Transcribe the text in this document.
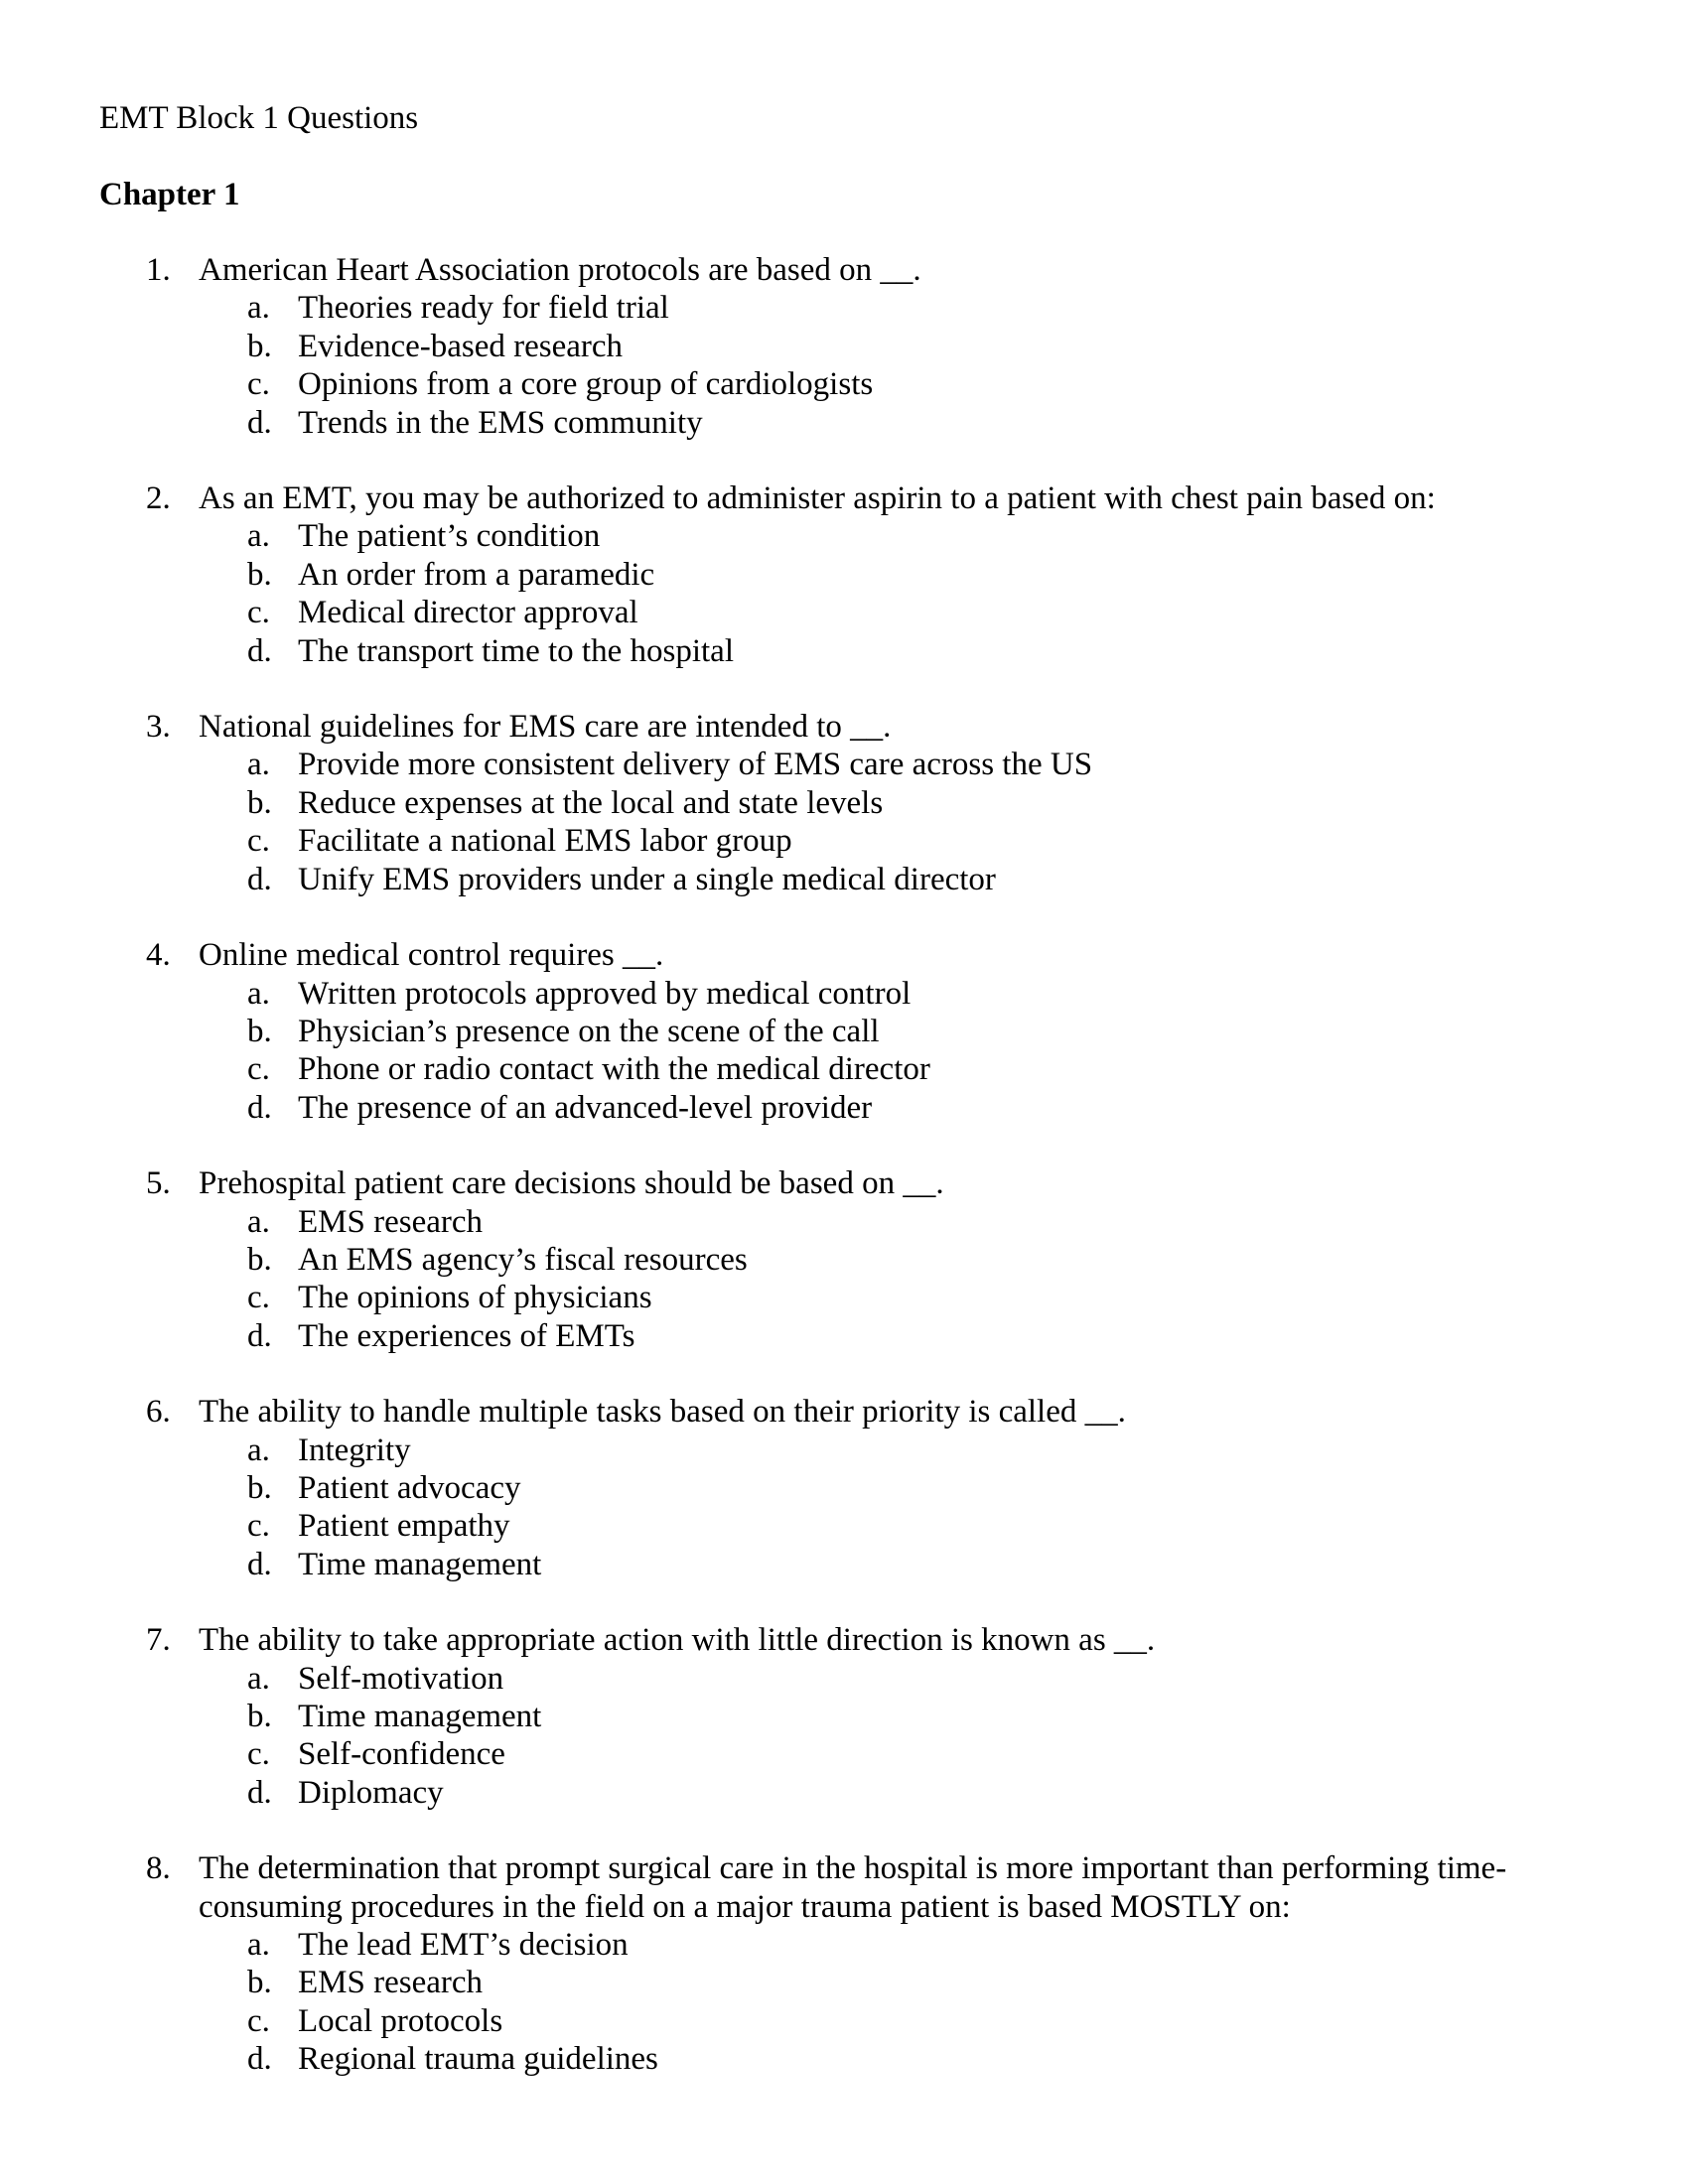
EMT Block 1 Questions
Chapter 1
1. American Heart Association protocols are based on __.
a. Theories ready for field trial
b. Evidence-based research
c. Opinions from a core group of cardiologists
d. Trends in the EMS community
2. As an EMT, you may be authorized to administer aspirin to a patient with chest pain based on:
a. The patient’s condition
b. An order from a paramedic
c. Medical director approval
d. The transport time to the hospital
3. National guidelines for EMS care are intended to __.
a. Provide more consistent delivery of EMS care across the US
b. Reduce expenses at the local and state levels
c. Facilitate a national EMS labor group
d. Unify EMS providers under a single medical director
4. Online medical control requires __.
a. Written protocols approved by medical control
b. Physician’s presence on the scene of the call
c. Phone or radio contact with the medical director
d. The presence of an advanced-level provider
5. Prehospital patient care decisions should be based on __.
a. EMS research
b. An EMS agency’s fiscal resources
c. The opinions of physicians
d. The experiences of EMTs
6. The ability to handle multiple tasks based on their priority is called __.
a. Integrity
b. Patient advocacy
c. Patient empathy
d. Time management
7. The ability to take appropriate action with little direction is known as __.
a. Self-motivation
b. Time management
c. Self-confidence
d. Diplomacy
8. The determination that prompt surgical care in the hospital is more important than performing time-consuming procedures in the field on a major trauma patient is based MOSTLY on:
a. The lead EMT’s decision
b. EMS research
c. Local protocols
d. Regional trauma guidelines
